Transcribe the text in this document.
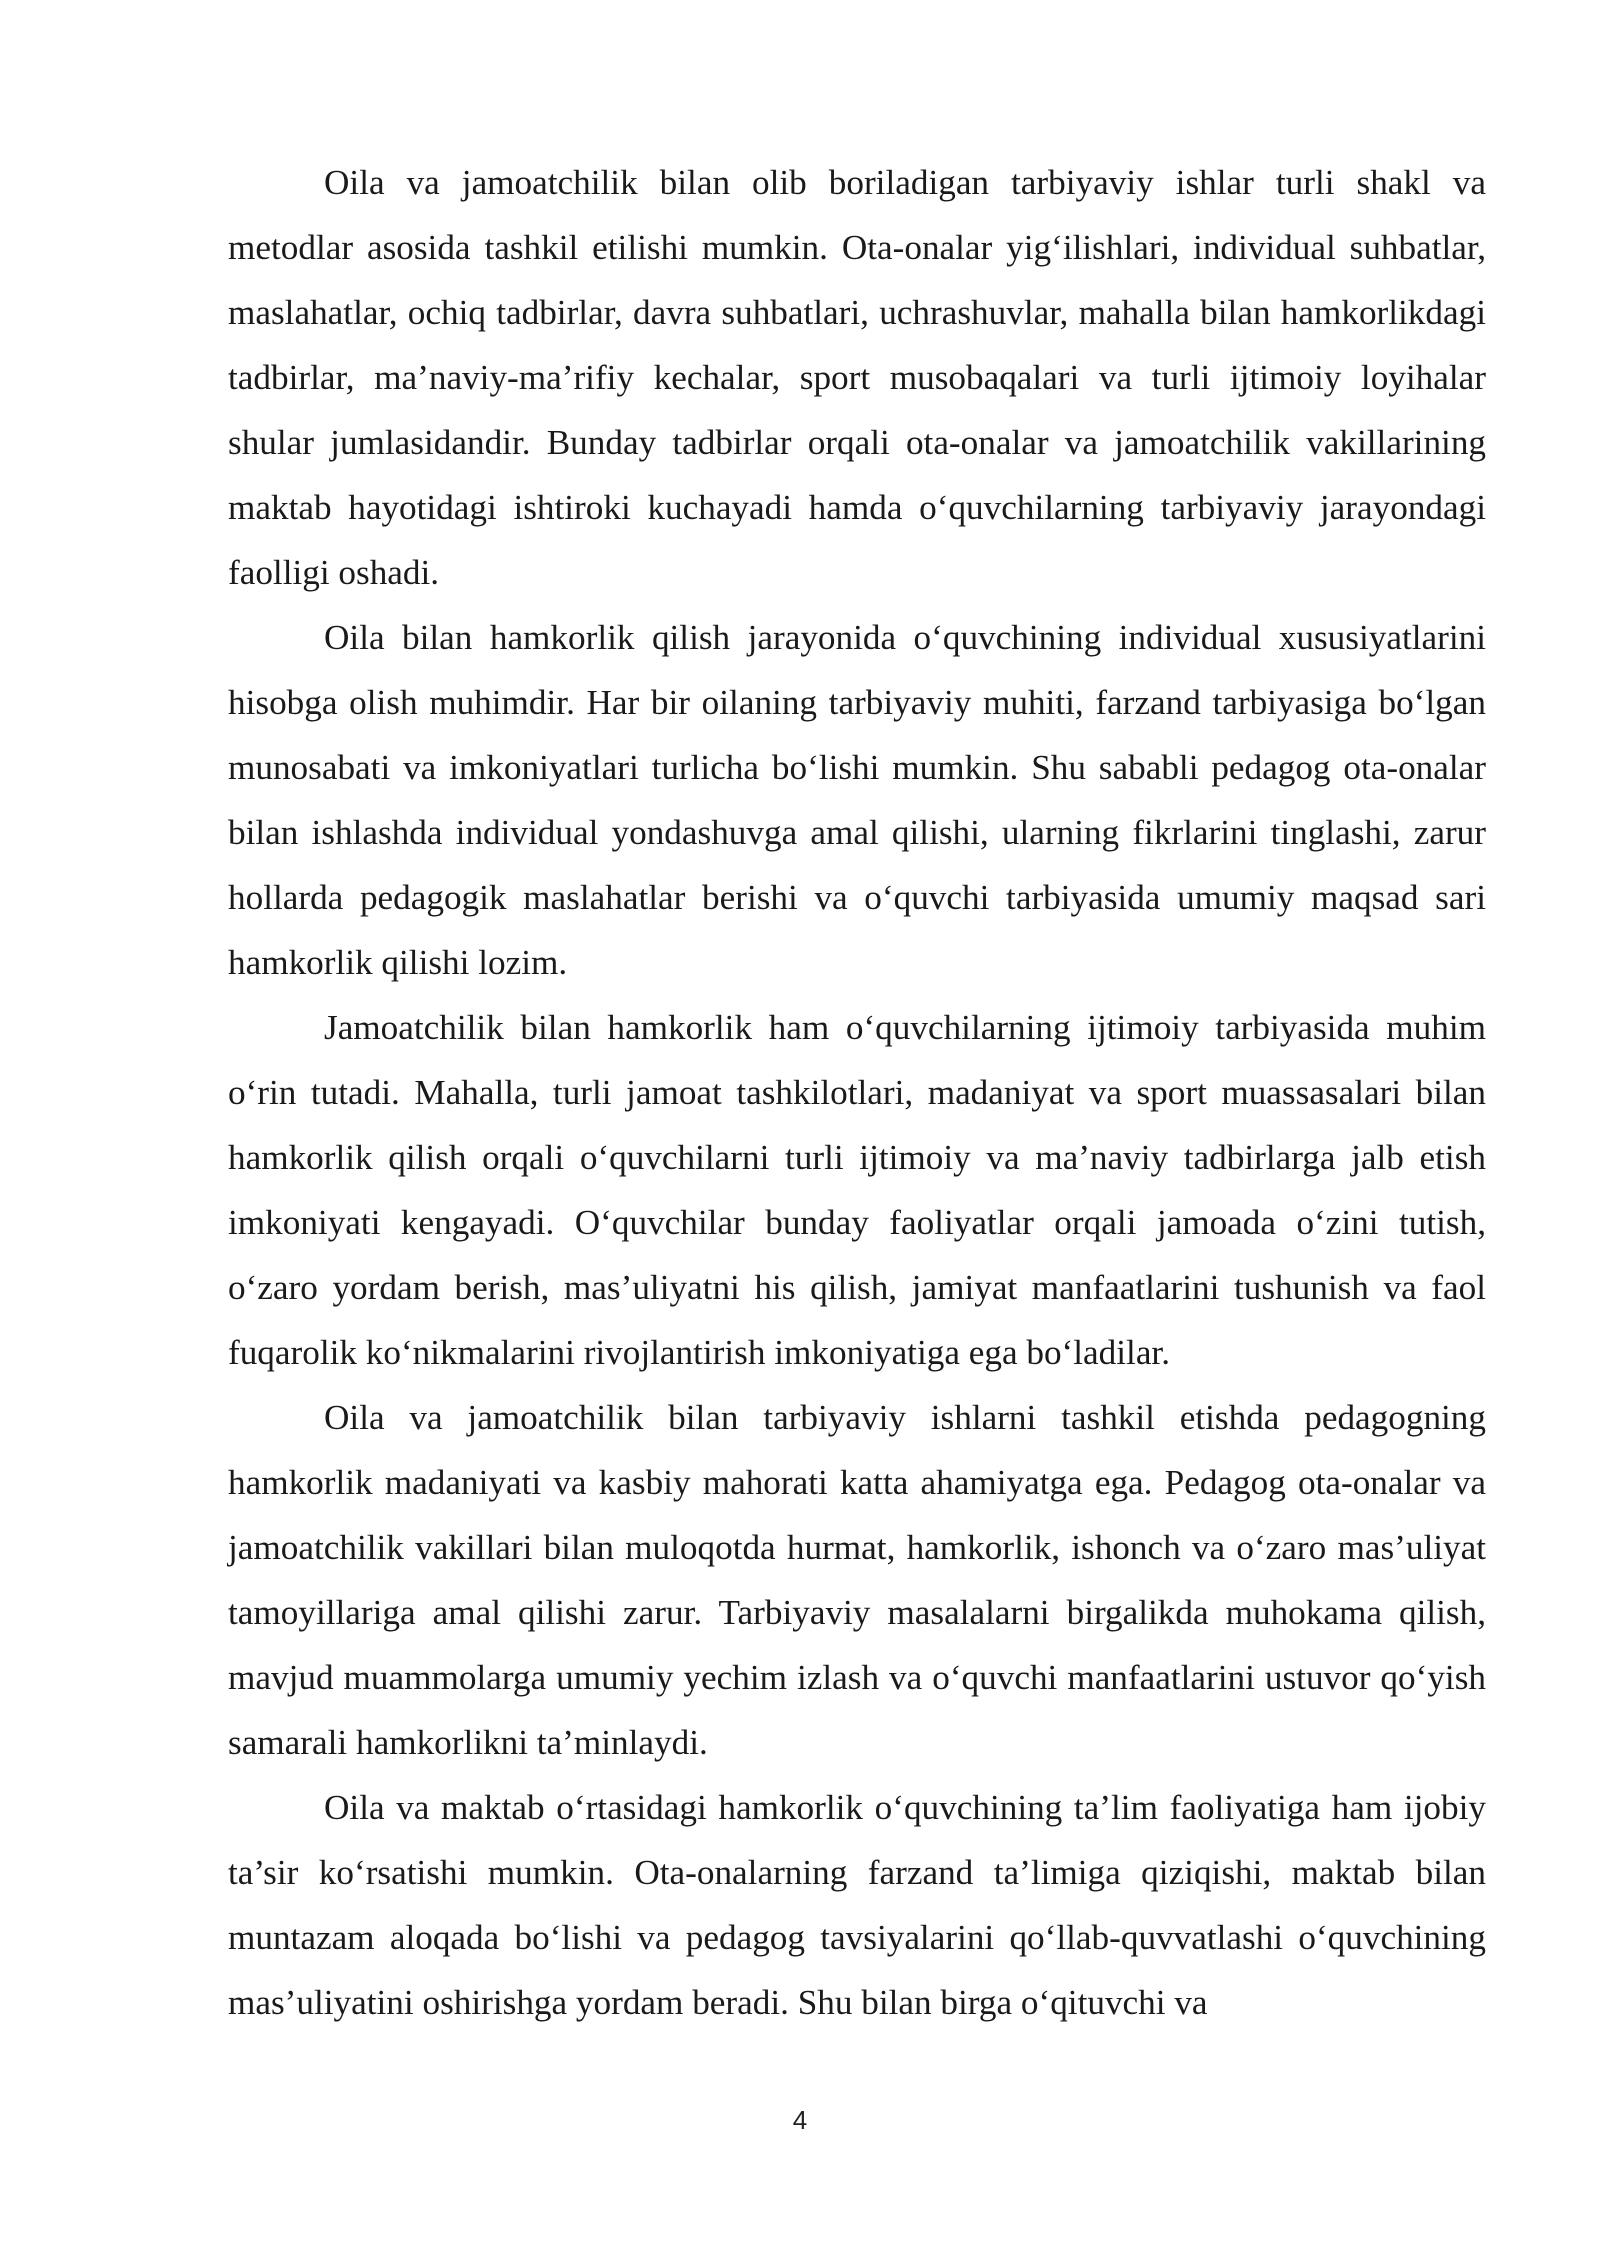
Oila va jamoatchilik bilan olib boriladigan tarbiyaviy ishlar turli shakl va metodlar asosida tashkil etilishi mumkin. Ota-onalar yig‘ilishlari, individual suhbatlar, maslahatlar, ochiq tadbirlar, davra suhbatlari, uchrashuvlar, mahalla bilan hamkorlikdagi tadbirlar, ma’naviy-ma’rifiy kechalar, sport musobaqalari va turli ijtimoiy loyihalar shular jumlasidandir. Bunday tadbirlar orqali ota-onalar va jamoatchilik vakillarining maktab hayotidagi ishtiroki kuchayadi hamda o‘quvchilarning tarbiyaviy jarayondagi faolligi oshadi.

Oila bilan hamkorlik qilish jarayonida o‘quvchining individual xususiyatlarini hisobga olish muhimdir. Har bir oilaning tarbiyaviy muhiti, farzand tarbiyasiga bo‘lgan munosabati va imkoniyatlari turlicha bo‘lishi mumkin. Shu sababli pedagog ota-onalar bilan ishlashda individual yondashuvga amal qilishi, ularning fikrlarini tinglashi, zarur hollarda pedagogik maslahatlar berishi va o‘quvchi tarbiyasida umumiy maqsad sari hamkorlik qilishi lozim.

Jamoatchilik bilan hamkorlik ham o‘quvchilarning ijtimoiy tarbiyasida muhim o‘rin tutadi. Mahalla, turli jamoat tashkilotlari, madaniyat va sport muassasalari bilan hamkorlik qilish orqali o‘quvchilarni turli ijtimoiy va ma’naviy tadbirlarga jalb etish imkoniyati kengayadi. O‘quvchilar bunday faoliyatlar orqali jamoada o‘zini tutish, o‘zaro yordam berish, mas’uliyatni his qilish, jamiyat manfaatlarini tushunish va faol fuqarolik ko‘nikmalarini rivojlantirish imkoniyatiga ega bo‘ladilar.

Oila va jamoatchilik bilan tarbiyaviy ishlarni tashkil etishda pedagogning hamkorlik madaniyati va kasbiy mahorati katta ahamiyatga ega. Pedagog ota-onalar va jamoatchilik vakillari bilan muloqotda hurmat, hamkorlik, ishonch va o‘zaro mas’uliyat tamoyillariga amal qilishi zarur. Tarbiyaviy masalalarni birgalikda muhokama qilish, mavjud muammolarga umumiy yechim izlash va o‘quvchi manfaatlarini ustuvor qo‘yish samarali hamkorlikni ta’minlaydi.

Oila va maktab o‘rtasidagi hamkorlik o‘quvchining ta’lim faoliyatiga ham ijobiy ta’sir ko‘rsatishi mumkin. Ota-onalarning farzand ta’limiga qiziqishi, maktab bilan muntazam aloqada bo‘lishi va pedagog tavsiyalarini qo‘llab-quvvatlashi o‘quvchining mas’uliyatini oshirishga yordam beradi. Shu bilan birga o‘qituvchi va

4
